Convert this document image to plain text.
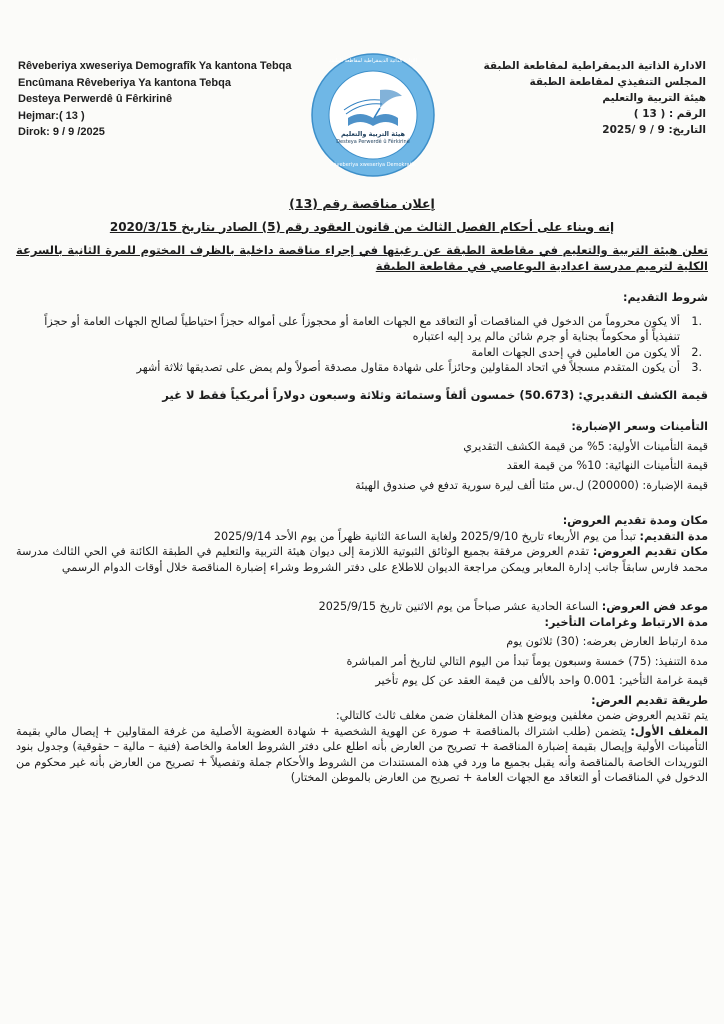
Rêveberiya xweseriya Demografîk Ya kantona Tebqa
Encûmana Rêveberiya Ya kantona Tebqa
Desteya Perwerdê û Fêrkirinê
Hejmar:( 13 )
Dirok: 9 / 9 /2025	هيئة التربية والتعليم
Desteya Perwerdê û Fêrkirinê
الادارة الذاتية الديمقراطية لمقاطعة الطبقة
Rêveberiya xweseriya Demokratîk
الادارة الذاتية الديمقراطية لمقاطعة الطبقة
المجلس التنفيذي لمقاطعة الطبقة
هيئة التربية والتعليم
الرقم : ( 13 )
التاريخ: 9 / 9 /2025

إعلان مناقصة رقم (13)

إنه وبناء على أحكام الفصل الثالث من قانون العقود رقم (5) الصادر بتاريخ 2020/3/15

تعلن هيئة التربية والتعليم في مقاطعة الطبقة عن رغبتها في إجراء مناقصة داخلية بالظرف المختوم للمرة الثانية بالسرعة الكلية لترميم مدرسة اعدادية البوعاصي في مقاطعة الطبقة

شروط التقديم:

.1
ألا يكون محروماً من الدخول في المناقصات أو التعاقد مع الجهات العامة أو محجوزاً على أمواله حجزاً احتياطياً لصالح الجهات العامة أو حجزاً تنفيذياً أو محكوماً بجناية أو جرم شائن مالم يرد إليه اعتباره
.2
ألا يكون من العاملين في إحدى الجهات العامة
.3
أن يكون المتقدم مسجلاً في اتحاد المقاولين وحائزاً على شهادة مقاول مصدقة أصولاً ولم يمض على تصديقها ثلاثة أشهر

قيمة الكشف التقديري: (50.673) خمسون ألفاً وستمائة وثلاثة وسبعون دولاراً أمريكياً فقط لا غير

التأمينات وسعر الإضبارة:

قيمة التأمينات الأولية: 5% من قيمة الكشف التقديري

قيمة التأمينات النهائية: 10% من قيمة العقد

قيمة الإضبارة: (200000) ل.س مئتا ألف ليرة سورية تدفع في صندوق الهيئة

مكان ومدة تقديم العروض:

مدة التقديم: تبدأ من يوم الأربعاء تاريخ 2025/9/10 ولغاية الساعة الثانية ظهراً من يوم الأحد 2025/9/14

مكان تقديم العروض: تقدم العروض مرفقة بجميع الوثائق الثبوتية اللازمة إلى ديوان هيئة التربية والتعليم في الطبقة الكائنة في الحي الثالث مدرسة محمد فارس سابقاً جانب إدارة المعابر ويمكن مراجعة الديوان للاطلاع على دفتر الشروط وشراء إضبارة المناقصة خلال أوقات الدوام الرسمي

موعد فض العروض: الساعة الحادية عشر صباحاً من يوم الاثنين تاريخ 2025/9/15

مدة الارتباط وغرامات التأخير:

مدة ارتباط العارض بعرضه: (30) ثلاثون يوم

مدة التنفيذ: (75) خمسة وسبعون يوماً تبدأ من اليوم التالي لتاريخ أمر المباشرة

قيمة غرامة التأخير: 0.001 واحد بالألف من قيمة العقد عن كل يوم تأخير

طريقة تقديم العرض:

يتم تقديم العروض ضمن مغلفين ويوضع هذان المغلفان ضمن مغلف ثالث كالتالي:

المغلف الأول: يتضمن (طلب اشتراك بالمناقصة + صورة عن الهوية الشخصية + شهادة العضوية الأصلية من غرفة المقاولين + إيصال مالي بقيمة التأمينات الأولية وإيصال بقيمة إضبارة المناقصة + تصريح من العارض بأنه اطلع على دفتر الشروط العامة والخاصة (فنية – مالية – حقوقية) وجدول بنود التوريدات الخاصة بالمناقصة وأنه يقبل بجميع ما ورد في هذه المستندات من الشروط والأحكام جملة وتفصيلاً + تصريح من العارض بأنه غير محكوم من الدخول في المناقصات أو التعاقد مع الجهات العامة + تصريح من العارض بالموطن المختار)
